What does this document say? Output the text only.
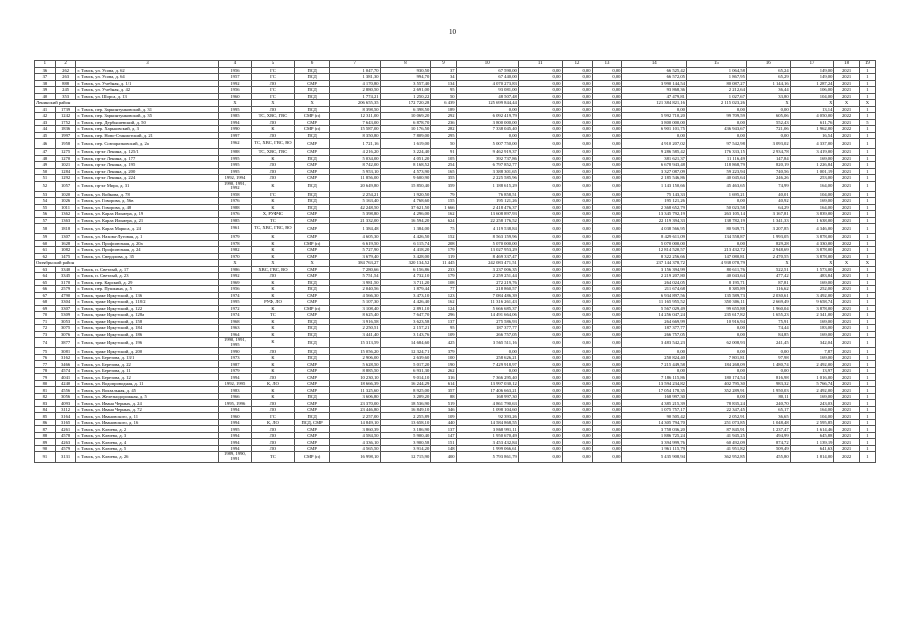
10
1	2	3	4	5	6	7	8	9	10	11	12	13	14	15	16	17	18	19
36	262	г. Томск, ул. Усова, д. 62	1956	ГС	ПСД	1 047,70	930,50	37	67 590,00	0,00	0,00	0,00	66 525,42	1 064,58	65,24	149,00	2021	1
37	263	г. Томск, ул. Усова, д. 64	1957	ГС	ПСД	1 381,30	994,70	34	67 440,00	0,00	0,00	0,00	66 572,05	1 867,95	65,29	149,00	2021	1
38	888	г. Томск, ул. Учебная, д. 1/1	1992	ЛО	СМР	4 170,80	3 557,40	134	4 070 273,83	0,00	0,00	0,00	3 990 144,54	80 087,27	1 144,16	1 287,24	2021	1
39	245	г. Томск, ул. Учебная, д. 42	1956	ГС	ПСД	2 880,50	2 691,00	95	93 081,00	0,00	0,00	0,00	93 868,36	2 212,64	36,44	106,00	2021	1
40	353	г. Томск, ул. Шорса, д. 13	1960	ГС	ПСД	1 774,21	1 250,22	50	48 507,48	0,00	0,00	0,00	47 479,81	1 027,67	33,80	104,00	2021	1
Ленинский район			X	X	X	206 655,35	172 720,28	6 439	125 699 844,44	0,00	0,00	0,00	121 384 821,16	2 115 023,26	X	X	X	X
41	1739	г. Томск, пер. Заркинтунковский, д. 31	1995	ЛО	ПСД	8 398,50	6 398,50	189	0,00	0,00	0,00	0,00	0,00	0,00	0,00	13,14	2021	1
42	1242	г. Томск, пер. Заркинтунковский, д. 35	1985	ТС, ХВС, ГВС	СМР (п)	12 311,00	10 069,20	292	6 092 419,79	0,00	0,00	0,00	5 992 710,20	99 709,59	605,06	4 050,00	2022	1
43	1752	г. Томск, пер. Дербышевский, д. 50	1994	ЛО	СМР	7 643,00	6 878,70	236	3 800 000,00	0,00	0,00	0,00	3 800 000,00	0,00	552,43	611,76	2021	5
44	1836	г. Томск, пер. Харьковский, д. 3	1990	К	СМР (п)	15 587,00	10 176,50	282	7 338 045,40	0,00	0,00	0,00	6 901 101,75	436 943,67	721,06	1 962,00	2022	1
45	1997	г. Томск, пер. Ново-Станиотский, д. 21	1997	ЛО	ПСД	8 350,80	7 809,00	295	0,00	0,00	0,00	0,00	0,00	0,00	0,00	16,54	2021	1
46	1958	г. Томск, пер. Совзаразковский, д. 2а	1962	ТС, ХВС, ГВС, ВО	СМР	1 721,16	1 619,00	50	5 007 750,00	0,00	0,00	0,00	4 910 207,02	97 542,98	3 093,02	4 337,00	2021	1
47	1275	г. Томск, пр-кт Ленина, д. 125/1	1988	ТС, ХВС, ГВС	СМР	4 216,20	3 224,40	91	9 462 919,37	0,00	0,00	0,00	9 286 585,42	176 333,15	2 934,78	3 419,00	2021	1
48	1270	г. Томск, пр-кт Ленина, д. 177	1995	К	ПСД	5 034,00	4 051,20	105	392 737,86	0,00	0,00	0,00	381 621,37	11 116,49	147,84	169,00	2021	1
49	1021	г. Томск, пр-кт Ленина, д. 195	1995	ЛО	СМР	8 742,00	8 168,52	254	6 797 852,77	0,00	0,00	0,00	6 678 943,48	118 868,79	820,19	1 226,84	2021	1
50	1284	г. Томск, пр-кт Ленина, д. 200	1995	ЛО	СМР	5 953,10	4 573,90	165	3 388 301,65	0,00	0,00	0,00	3 327 087,09	59 223,94	740,56	1 001,19	2021	1
51	1292	г. Томск, пр-кт Ленина, д. 224	1992, 1994	ЛО	СМР	11 856,00	9 600,90	355	2 225 585,96	0,00	0,00	0,00	2 185 546,86	40 045,64	246,26	253,00	2021	1
52	1057	г. Томск, пр-кт Мира, д. 31	1990, 1991, 1992	К	ПСД	20 649,80	15 850,40	359	1 188 615,29	0,00	0,00	0,00	1 143 150,66	45 463,65	74,99	164,00	2021	1
53	1020	г. Томск, ул. Войкова, д. 78	1958	ГС	ПСД	2 254,21	1 920,50	79	76 858,51	0,00	0,00	0,00	75 143,33	1 695,21	40,01	104,00	2021	1
54	1026	г. Томск, ул. Говорова, д. 56в	1976	К	ПСД	5 163,40	4 768,60	155	195 121,26	0,00	0,00	0,00	195 121,26	0,00	40,92	169,00	2021	1
55	1011	г. Томск, ул. Говорова, д. 48	1988	К	ПСД	42 248,50	37 621,50	1 666	2 418 476,37	0,00	0,00	0,00	2 368 652,79	50 023,58	64,29	164,00	2021	1
56	1362	г. Томск, ул. Карла Ильмера, д. 19	1976	Х, РУФЧС	СМР	5 398,80	4 296,00	162	13 608 897,93	0,00	0,00	0,00	13 345 792,19	263 105,14	3 167,81	3 839,00	2021	1
57	1363	г. Томск, ул. Карла Ильмера, д. 21	1985	ТС	СМР	21 332,00	16 594,20	624	22 258 176,52	0,00	0,00	0,00	22 119 394,33	138 782,19	1 341,33	1 638,00	2021	1
58	1818	г. Томск, ул. Карла Маркса, д. 24	1961	ТС, ХВС, ГВС, ВО	СМР	1 384,48	1 384,00	75	4 119 538,84	0,00	0,00	0,00	4 038 566,95	80 949,71	3 207,85	4 346,00	2021	1
59	1307	г. Томск, ул. Нахова-Луговая, д. 1	1979	К	СМР	4 605,30	4 426,50	152	8 563 159,96	0,00	0,00	0,00	8 429 611,09	134 558,87	1 993,05	3 878,00	2021	1
60	1628	г. Томск, ул. Профсоюзная, д. 20а	1978	К	СМР (п)	6 619,50	6 115,74	208	5 070 000,00	0,00	0,00	0,00	5 070 000,00	0,00	829,28	4 330,00	2022	1
61	1082	г. Томск, ул. Профсоюзная, д. 24	1982	К	СМР	5 727,90	4 418,20	179	13 027 953,29	0,00	0,00	0,00	12 814 520,57	213 432,72	2 948,69	3 878,00	2021	1
62	1475	г. Томск, ул. Свердлова, д. 35	1970	К	СМР	3 679,40	3 428,00	119	8 469 337,47	0,00	0,00	0,00	8 322 256,66	147 080,81	2 470,55	3 878,00	2021	1
Октябрьский район			X	X	X	384 763,27	320 134,52	11 445	242 083 471,51	0,00	0,00	0,00	237 144 378,72	4 938 078,79	X	X	X	X
63	3340	г. Томск, п. Светлый, д. 17	1986	ХВС, ГВС, ВО	СМР	7 280,66	6 156,86	233	3 237 006,35	0,00	0,00	0,00	3 156 394,99	80 611,76	522,51	1 573,00	2021	1
64	3345	г. Томск, п. Светлый, д. 23	1992	ЛО	СМР	5 751,54	4 732,10	179	2 259 251,44	0,00	0,00	0,00	2 219 207,80	40 043,64	477,42	483,84	2021	1
65	3170	г. Томск, пер. Карский, д. 29	1969	К	ПСД	3 981,50	3 711,20	108	272 219,76	0,00	0,00	0,00	264 024,05	8 195,71	87,81	169,00	2021	1
66	2579	г. Томск, пер. Пушкина, д. 5	1956	К	ПСД	2 040,56	1 879,44	77	218 860,57	0,00	0,00	0,00	211 674,68	8 385,89	116,62	252,00	2021	1
67	4790	г. Томск, тракт Иркутский, д. 136	1974	К	СМР	4 566,30	3 473,10	123	7 084 486,39	0,00	0,00	0,00	6 934 897,56	135 589,73	2 030,61	3 492,00	2021	1
68	3304	г. Томск, тракт Иркутский, д. 118/2	1995	РУФ, ЛО	СМР	5 107,30	4 426,40	162	11 316 261,43	0,00	0,00	0,00	11 165 955,52	350 306,11	2 669,49	9 658,74	2021	1
69	3307	г. Томск, тракт Иркутский, д. 122	1972	К	СМР (п)	3 108,40	2 891,10	124	5 666 685,37	0,00	0,00	0,00	5 567 029,49	99 655,88	1 960,04	3 878,00	2021	1
70	5309	г. Томск, тракт Иркутский, д. 128а	1974	ТС	СМР	8 625,40	7 647,70	296	14 491 664,06	0,00	0,00	0,00	14 256 047,24	235 617,82	1 655,23	2 341,00	2021	1
71	3053	г. Томск, тракт Иркутский, д. 158	1968	К	ПСД	3 916,58	3 623,58	137	275 586,93	0,00	0,00	0,00	264 669,99	10 916,94	75,91	169,00	2021	1
72	3075	г. Томск, тракт Иркутский, д. 184	1963	К	ПСД	2 250,51	2 157,21	95	187 377,77	0,00	0,00	0,00	187 377,77	0,00	74,44	183,00	2021	1
73	3076	г. Томск, тракт Иркутский, д. 186	1964	К	ПСД	3 441,40	3 143,76	109	266 757,05	0,00	0,00	0,00	266 757,05	0,00	84,85	169,00	2021	1
74	3877	г. Томск, тракт Иркутский, д. 196	1990, 1991, 1995	К	ПСД	15 313,59	14 684,60	425	3 565 511,16	0,00	0,00	0,00	3 483 542,23	62 008,93	241,45	342,04	2021	1
75	3081	г. Томск, тракт Иркутский, д. 200	1990	ЛО	ПСД	15 056,20	12 324,71	379	0,00	0,00	0,00	0,00	0,00	0,00	0,00	7,87	2021	1
76	3162	г. Томск, ул. Березова, д. 13/1	1973	К	ПСД	2 906,00	2 639,60	100	258 626,21	0,00	0,00	0,00	250 824,40	7 801,81	97,98	169,00	2021	1
77	3466	г. Томск, ул. Березова, д. 22	1987	К	СМР	5 628,50	5 017,20	190	7 429 918,97	0,00	0,00	0,00	7 215 449,58	184 268,09	1 480,74	2 492,00	2021	1
78	4574	г. Томск, ул. Березова, д. 11	1979	К	СМР	8 885,50	6 931,30	262	0,00	0,00	0,00	0,00	0,00	0,00	0,00	13,97	2021	1
79	4041	г. Томск, ул. Березова, д. 12	1994	ЛО	СМР	10 230,10	9 014,10	316	7 366 295,40	0,00	0,00	0,00	7 186 115,86	180 174,54	816,98	1 016,00	2021	1
80	4240	г. Томск, ул. Водопроводная, д. 11	1992, 1995	К, ЛО	СМР	18 666,39	16 244,29	614	13 997 030,12	0,00	0,00	0,00	13 594 234,82	402 795,30	983,32	5 766,74	2021	1
81	4556	г. Томск, ул. Вокзальная, д. 45	1983	К	СМР	11 325,60	8 925,00	357	17 406 663,21	0,00	0,00	0,00	17 054 178,35	352 289,91	1 950,03	2 492,00	2021	1
82	3056	г. Томск, ул. Железнодорожная, д. 5	1966	К	ПСД	3 606,80	3 209,20	88	168 997,30	0,00	0,00	0,00	168 997,30	0,00	80,11	169,00	2021	1
83	4093	г. Томск, ул. Ивана Черных, д. 24	1995, 1996	ЛО	СМР	23 370,00	18 536,90	519	4 861 790,63	0,00	0,00	0,00	4 385 215,39	78 835,24	240,70	243,03	2021	1
84	3112	г. Томск, ул. Ивана Черных, д. 72	1994	ЛО	СМР	23 446,80	16 849,10	346	1 098 104,60	0,00	0,00	0,00	1 075 757,17	22 347,45	65,17	164,00	2021	1
85	3164	г. Томск, ул. Ивановского, д. 11	1960	ГС	ПСД	2 257,00	2 255,89	109	92 393,26	0,00	0,00	0,00	90 505,42	2 052,91	36,65	104,00	2021	1
86	3165	г. Томск, ул. Ивановского, д. 16	1994	К, ЛО	ПСД, СМР	14 849,10	13 658,10	440	14 584 868,55	0,00	0,00	0,00	14 305 794,70	251 073,85	1 048,48	2 595,85	2021	1
87	4261	г. Томск, ул. Клюева, д. 2	1995	ЛО	СМР	3 860,39	3 186,90	137	3 868 991,11	0,00	0,00	0,00	3 758 036,20	87 845,91	1 237,47	1 614,46	2021	1
88	4578	г. Томск, ул. Клюева, д. 3	1994	ЛО	СМР	4 584,50	5 900,40	147	1 950 670,49	0,00	0,00	0,00	1 886 725,24	41 945,25	494,99	645,88	2021	1
89	4263	г. Томск, ул. Клюева, д. 4	1994	ЛО	СМР	4 336,10	3 900,58	151	3 453 432,84	0,00	0,00	0,00	3 394 999,76	60 492,09	874,72	1 139,19	2021	1
90	4579	г. Томск, ул. Клюева, д. 5	1994	ЛО	СМР	4 565,50	3 914,20	148	1 999 066,61	0,00	0,00	0,00	1 961 115,79	41 951,82	509,49	641,63	2021	1
91	3131	г. Томск, ул. Клюева, д. 26	1989, 1990, 1991	ТС	СМР (п)	16 998,10	12 715,90	400	5 793 861,79	0,00	0,00	0,00	5 435 908,94	362 952,85	455,80	1 814,00	2022	1
